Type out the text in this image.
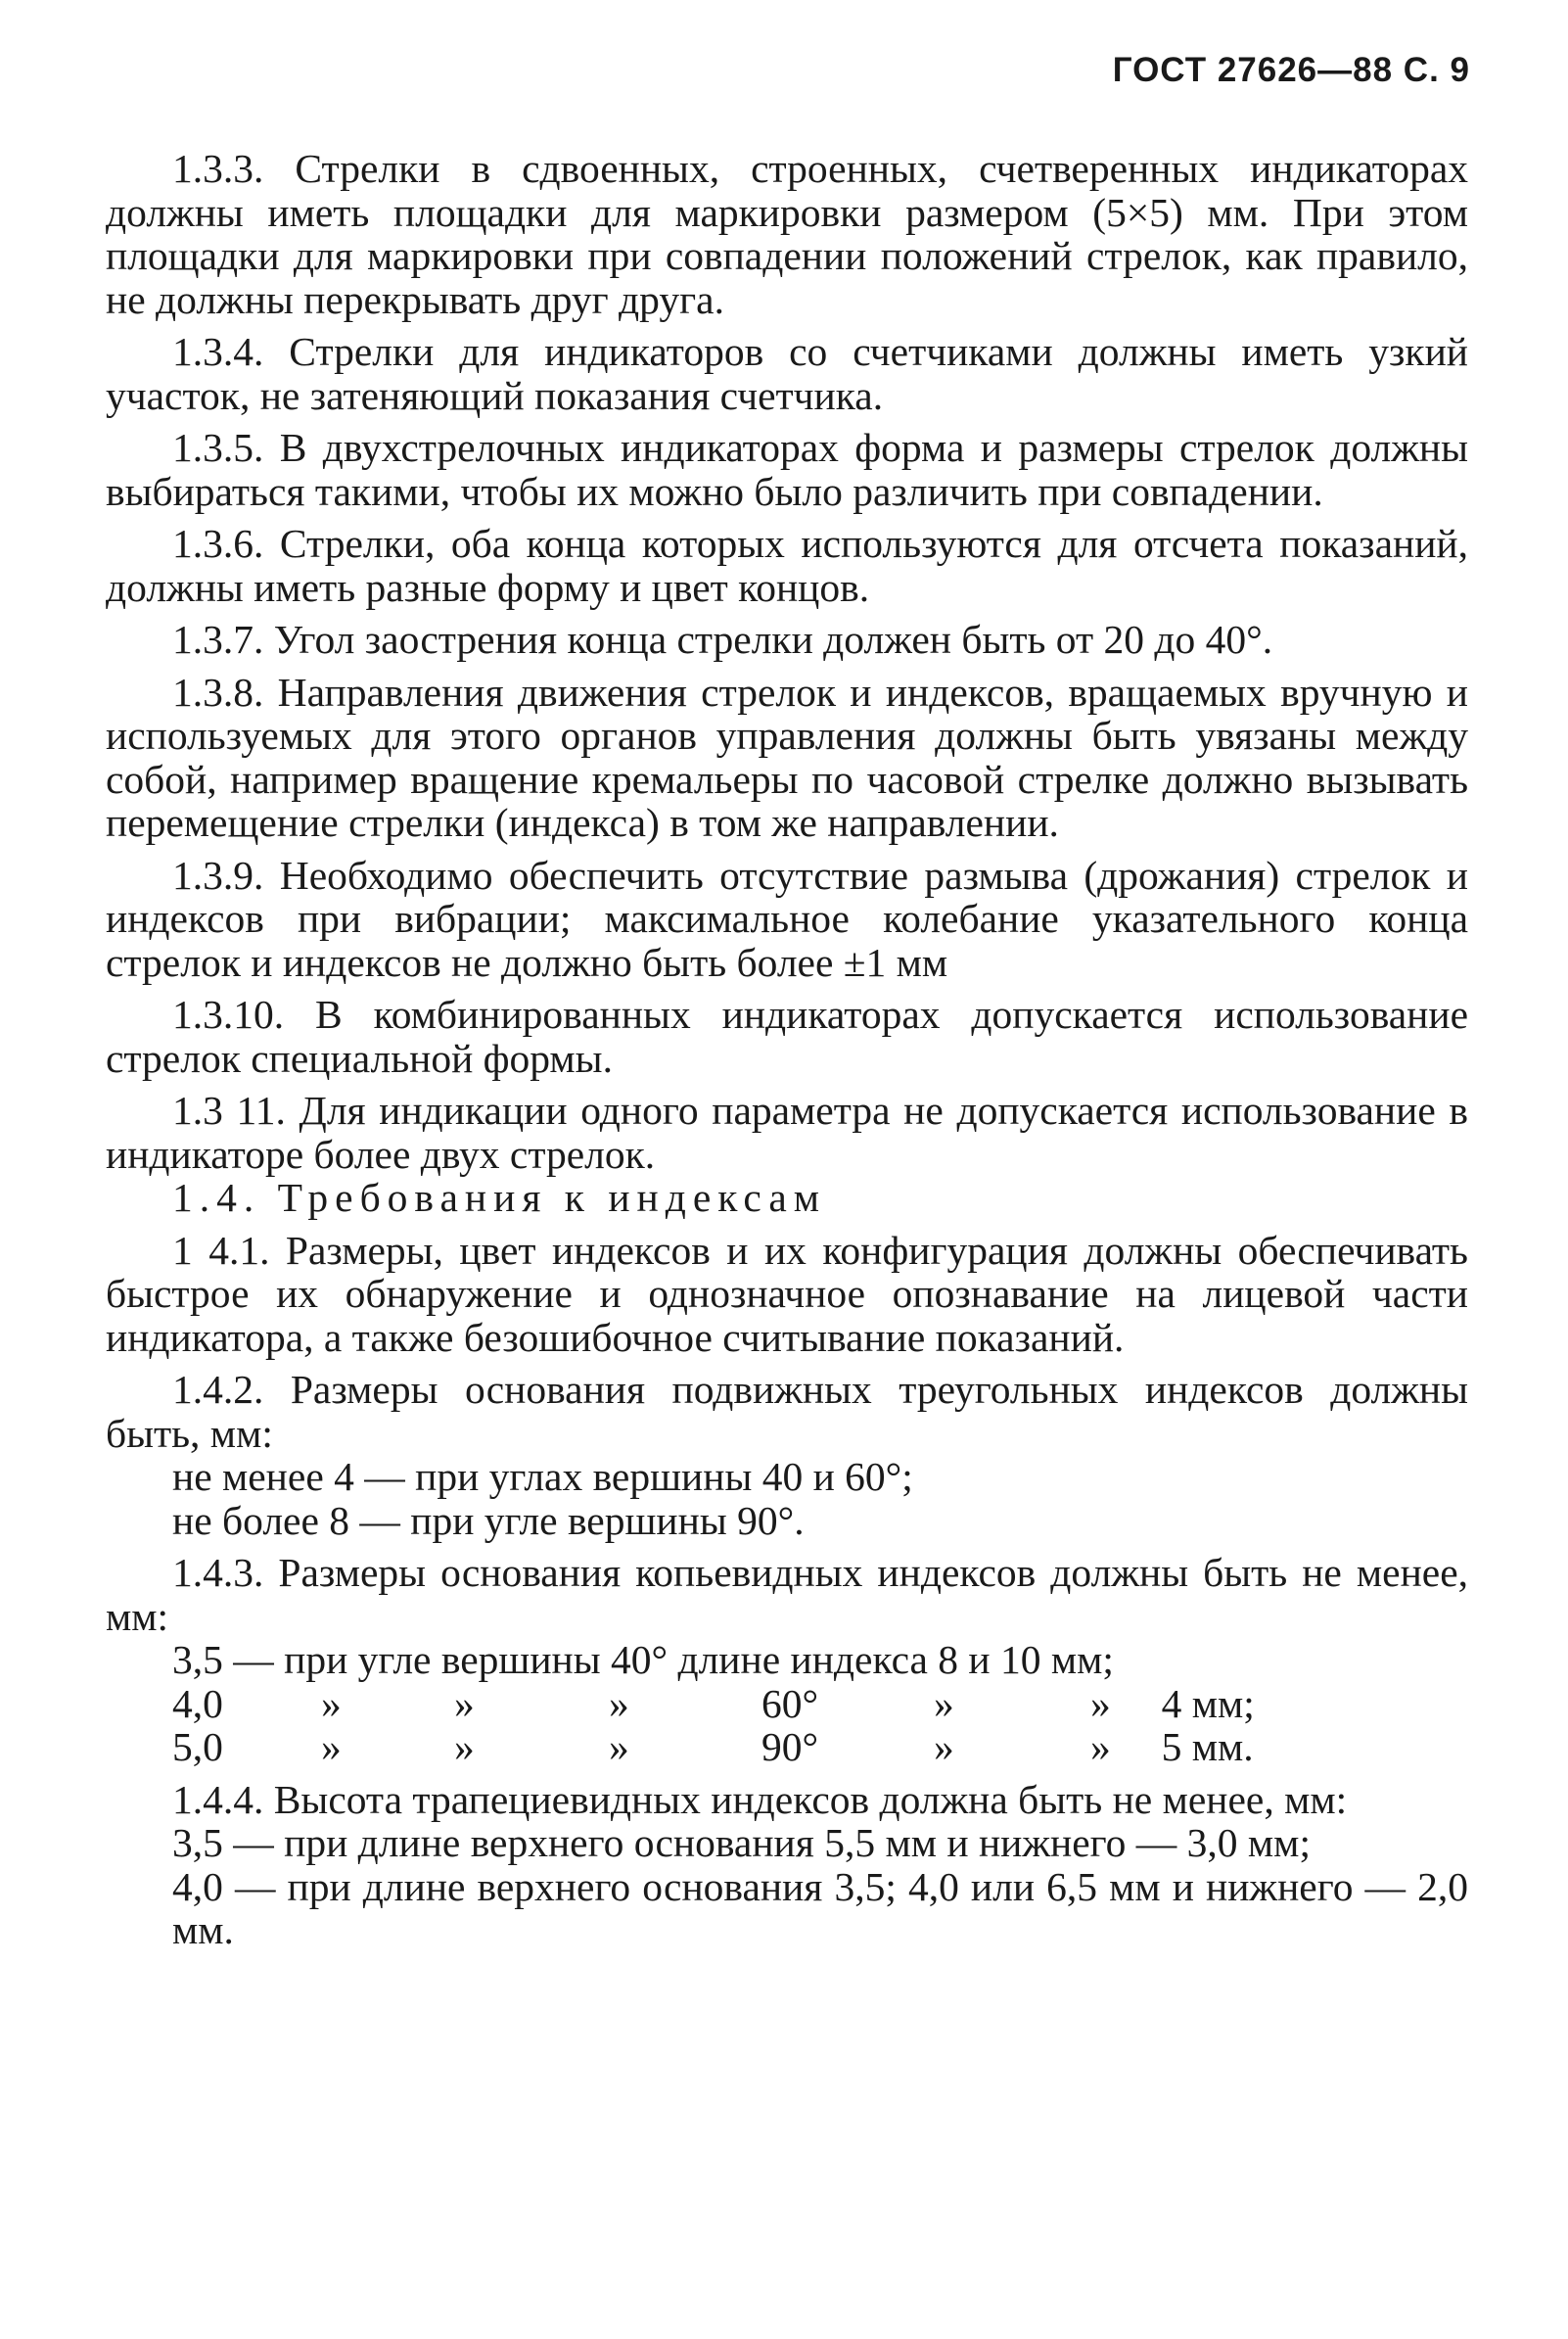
ГОСТ 27626—88 С. 9

1.3.3. Стрелки в сдвоенных, строенных, счетверенных индикаторах должны иметь площадки для маркировки размером (5×5) мм. При этом площадки для маркировки при совпадении положений стрелок, как правило, не должны перекрывать друг друга.

1.3.4. Стрелки для индикаторов со счетчиками должны иметь узкий участок, не затеняющий показания счетчика.

1.3.5. В двухстрелочных индикаторах форма и размеры стрелок должны выбираться такими, чтобы их можно было различить при совпадении.

1.3.6. Стрелки, оба конца которых используются для отсчета показаний, должны иметь разные форму и цвет концов.

1.3.7. Угол заострения конца стрелки должен быть от 20 до 40°.

1.3.8. Направления движения стрелок и индексов, вращаемых вручную и используемых для этого органов управления должны быть увязаны между собой, например вращение кремальеры по часовой стрелке должно вызывать перемещение стрелки (индекса) в том же направлении.

1.3.9. Необходимо обеспечить отсутствие размыва (дрожания) стрелок и индексов при вибрации; максимальное колебание указательного конца стрелок и индексов не должно быть более ±1 мм

1.3.10. В комбинированных индикаторах допускается использование стрелок специальной формы.

1.3 11. Для индикации одного параметра не допускается использование в индикаторе более двух стрелок.

1.4. Требования к индексам

1 4.1. Размеры, цвет индексов и их конфигурация должны обеспечивать быстрое их обнаружение и однозначное опознавание на лицевой части индикатора, а также безошибочное считывание показаний.

1.4.2. Размеры основания подвижных треугольных индексов должны быть, мм:

не менее 4 — при углах вершины 40 и 60°;

не более 8 — при угле вершины 90°.

1.4.3. Размеры основания копьевидных индексов должны быть не менее, мм:

3,5 — при угле вершины 40° длине индекса 8 и 10 мм;
4,0	»	»	»	60°	»	» 4 мм;
5,0	»	»	»	90°	»	» 5 мм.

1.4.4. Высота трапециевидных индексов должна быть не менее, мм:

3,5 — при длине верхнего основания 5,5 мм и нижнего — 3,0 мм;

4,0 — при длине верхнего основания 3,5; 4,0 или 6,5 мм и нижнего — 2,0 мм.
